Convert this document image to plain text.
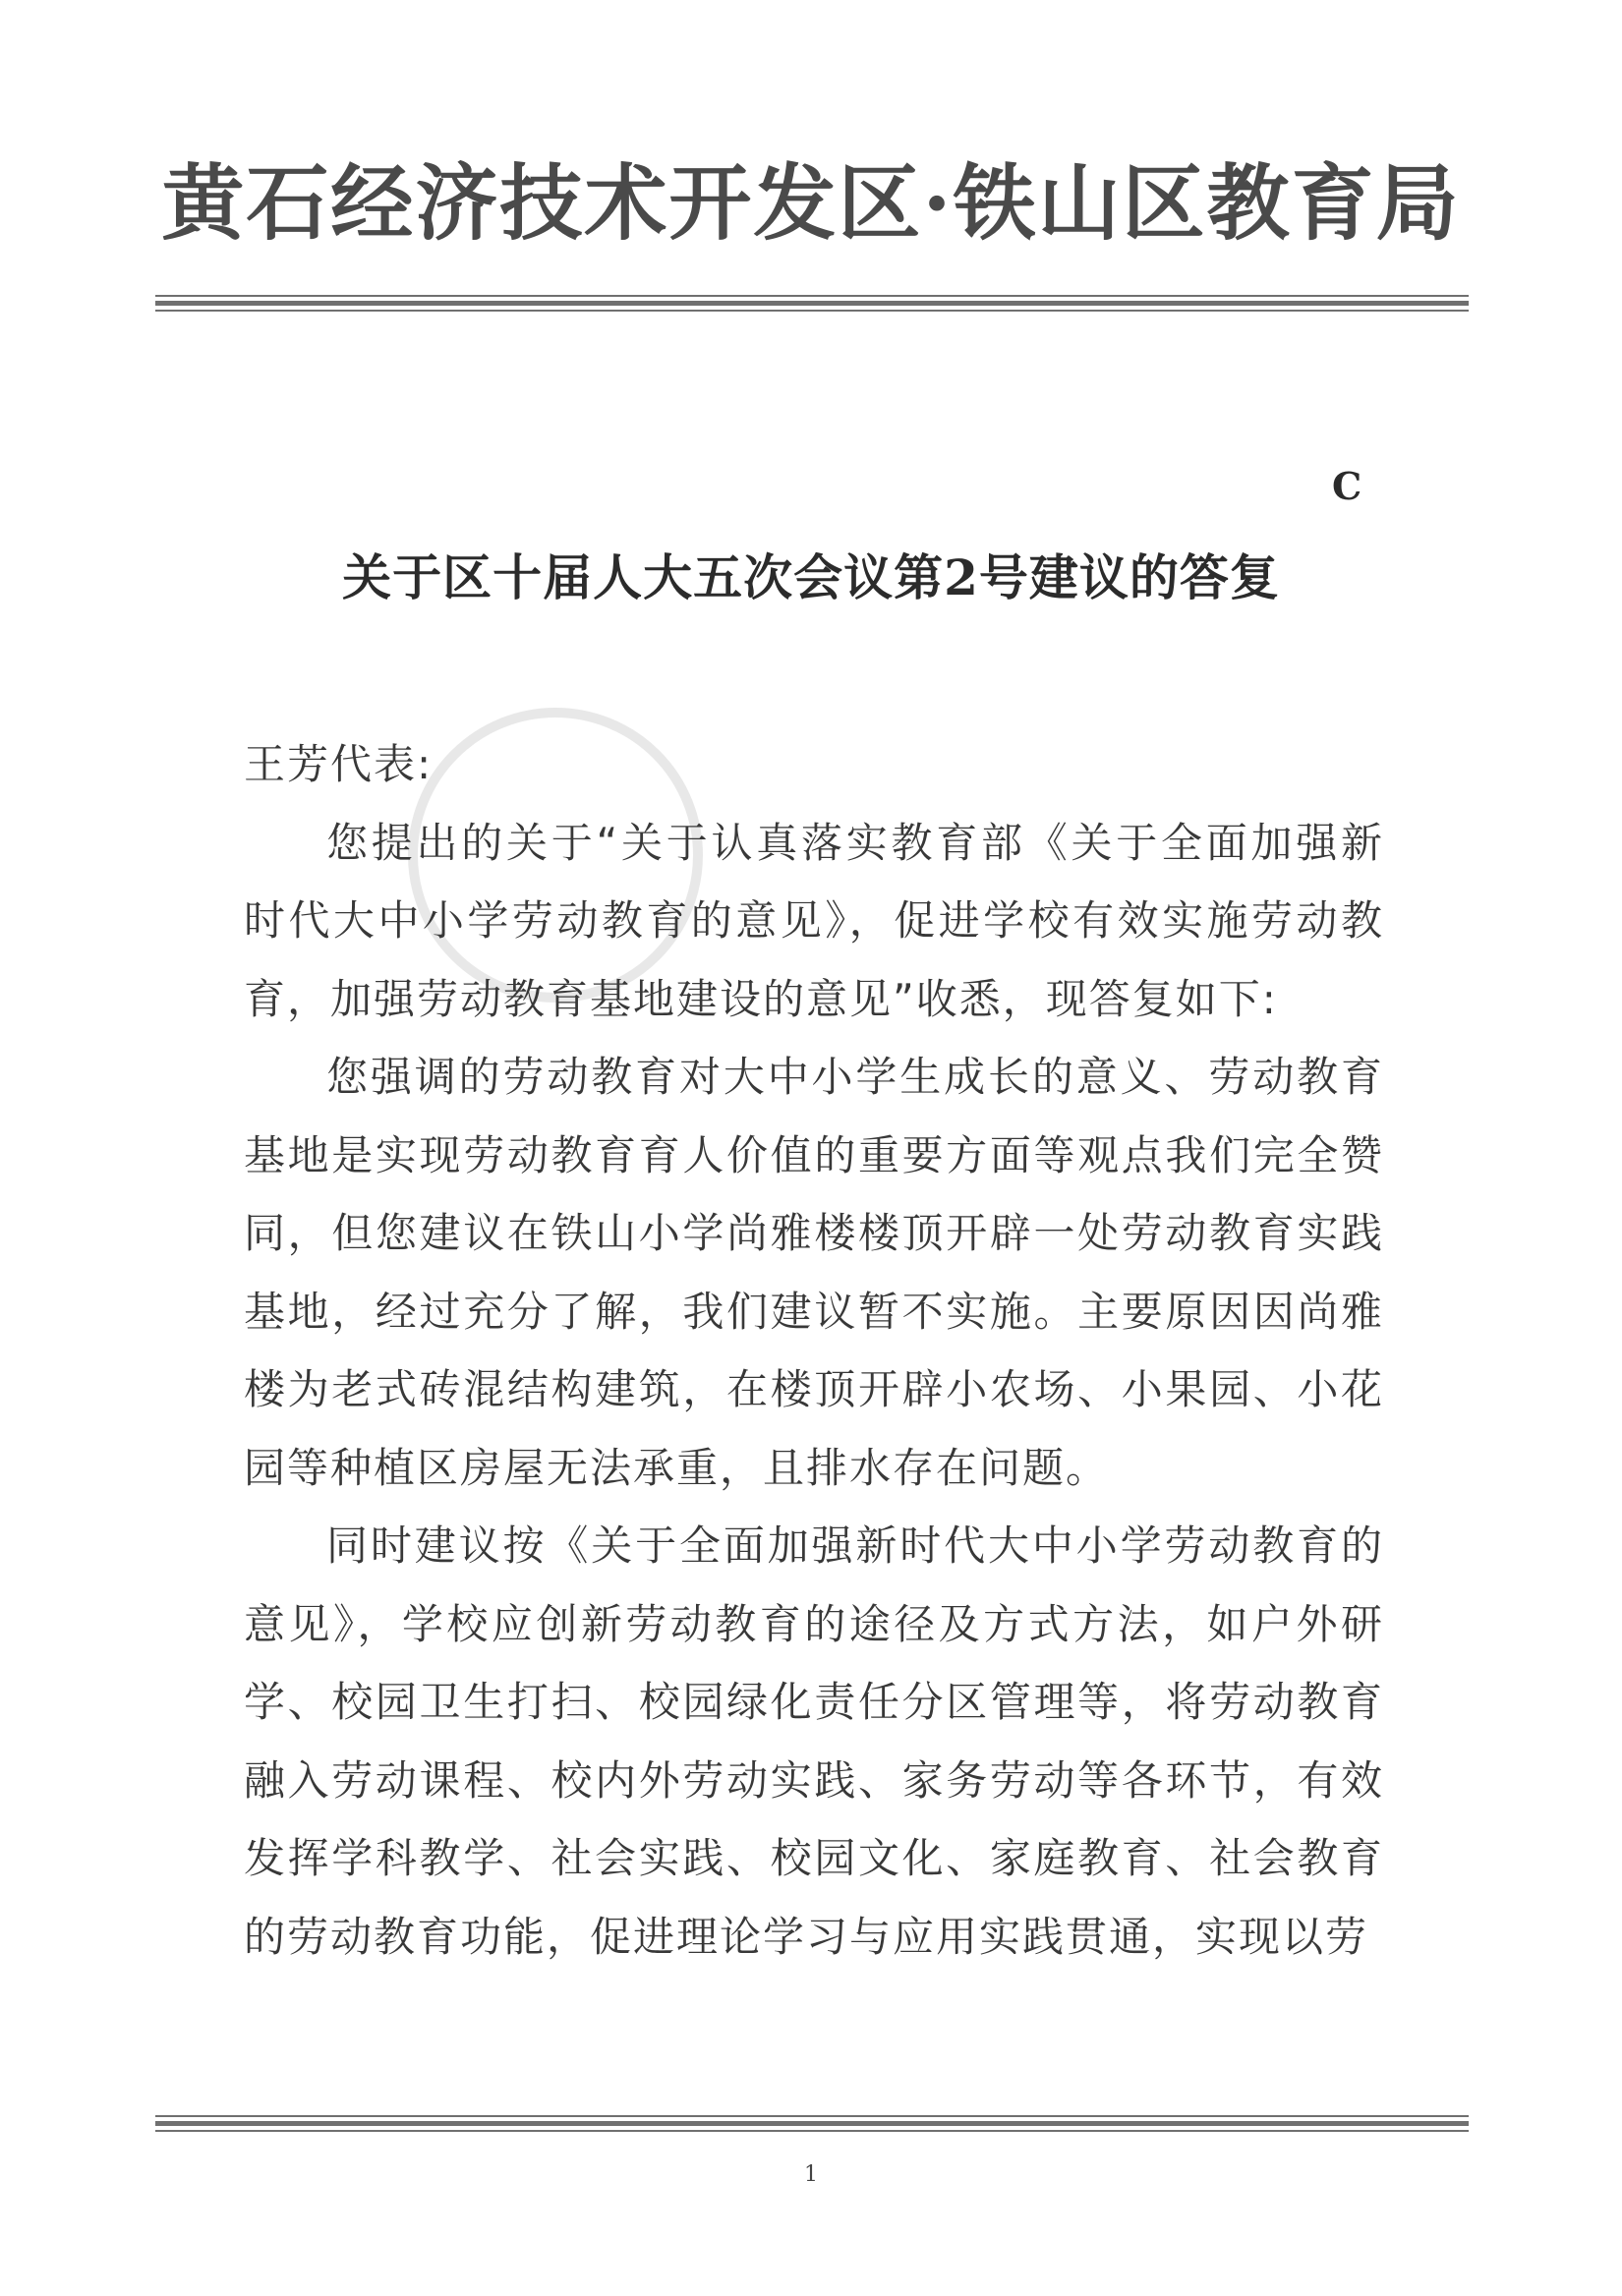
黄石经济技术开发区·铁山区教育局
C
关于区十届人大五次会议第2号建议的答复

王芳代表:

您提出的关于“关于认真落实教育部《关于全面加强新时代大中小学劳动教育的意见》，促进学校有效实施劳动教育，加强劳动教育基地建设的意见”收悉，现答复如下:

您强调的劳动教育对大中小学生成长的意义、劳动教育基地是实现劳动教育育人价值的重要方面等观点我们完全赞同，但您建议在铁山小学尚雅楼楼顶开辟一处劳动教育实践基地，经过充分了解，我们建议暂不实施。主要原因因尚雅楼为老式砖混结构建筑，在楼顶开辟小农场、小果园、小花园等种植区房屋无法承重，且排水存在问题。

同时建议按《关于全面加强新时代大中小学劳动教育的意见》，学校应创新劳动教育的途径及方式方法，如户外研学、校园卫生打扫、校园绿化责任分区管理等，将劳动教育融入劳动课程、校内外劳动实践、家务劳动等各环节，有效发挥学科教学、社会实践、校园文化、家庭教育、社会教育的劳动教育功能，促进理论学习与应用实践贯通，实现以劳

1
